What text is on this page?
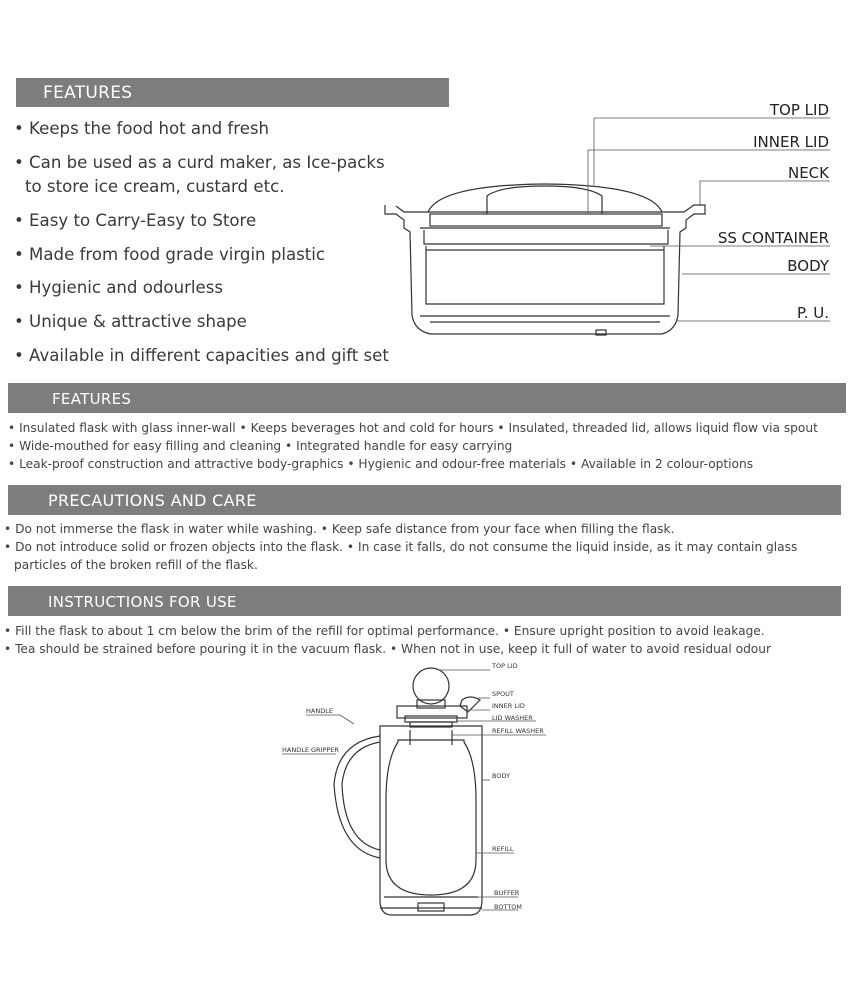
FEATURES
• Keeps the food hot and fresh
• Can be used as a curd maker, as Ice-packs
to store ice cream, custard etc.
• Easy to Carry-Easy to Store
• Made from food grade virgin plastic
• Hygienic and odourless
• Unique & attractive shape
• Available in different capacities and gift set
TOP LID
INNER LID
NECK
SS CONTAINER
BODY
P. U.
FEATURES
• Insulated flask with glass inner-wall • Keeps beverages hot and cold for hours • Insulated, threaded lid, allows liquid flow via spout
• Wide-mouthed for easy filling and cleaning • Integrated handle for easy carrying
• Leak-proof construction and attractive body-graphics • Hygienic and odour-free materials • Available in 2 colour-options
PRECAUTIONS AND CARE
• Do not immerse the flask in water while washing. • Keep safe distance from your face when filling the flask.
• Do not introduce solid or frozen objects into the flask. • In case it falls, do not consume the liquid inside, as it may contain glass
particles of the broken refill of the flask.
INSTRUCTIONS FOR USE
• Fill the flask to about 1 cm below the brim of the refill for optimal performance. • Ensure upright position to avoid leakage.
• Tea should be strained before pouring it in the vacuum flask. • When not in use, keep it full of water to avoid residual odour
TOP LID
SPOUT
INNER LID
LID WASHER
REFILL WASHER
HANDLE
HANDLE GRIPPER
BODY
REFILL
BUFFER
BOTTOM
